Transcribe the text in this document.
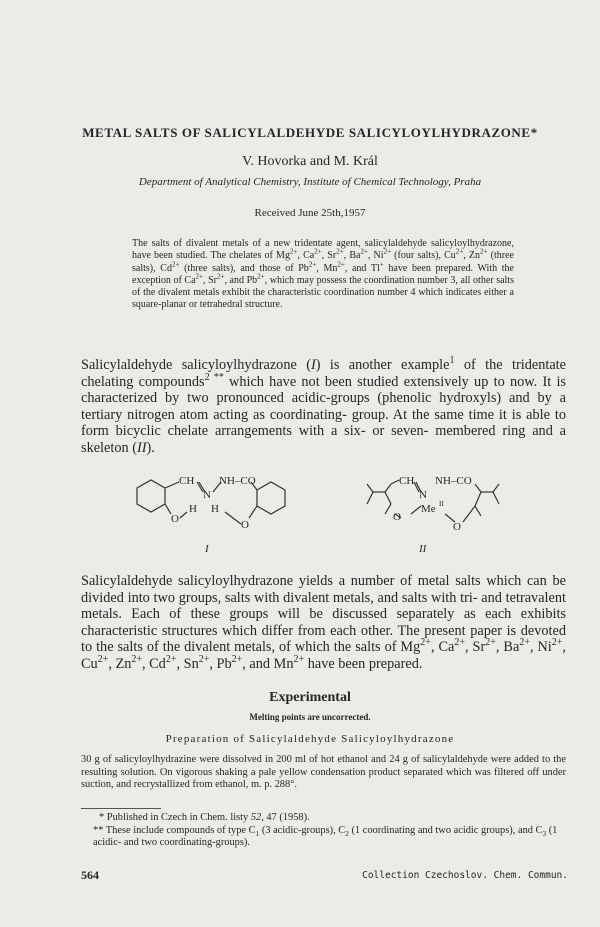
METAL SALTS OF SALICYLALDEHYDE SALICYLOYLHYDRAZONE*
V. Hovorka and M. Král
Department of Analytical Chemistry, Institute of Chemical Technology, Praha
Received June 25th,1957
The salts of divalent metals of a new tridentate agent, salicylaldehyde salicyloylhydrazone, have been studied. The chelates of $Mg^{2+}$, $Ca^{2+}$, $Sr^{2+}$, $Ba^{2+}$, $Ni^{2+}$ (four salts), $Cu^{2+}$, $Zn^{2+}$ (three salts), $Cd^{2+}$ (three salts), and those of $Pb^{2+}$, $Mn^{2+}$, and Tl+ have been prepared. With the exception of $Ca^{2+}$, $Sr^{2+}$, and $Pb^{2+}$, which may possess the coordination number 3, all other salts of the divalent metals exhibit the characteristic coordination number 4 which indicates either a square-planar or tetrahedral structure.
Salicylaldehyde salicyloylhydrazone (I) is another example$^1$ of the tridentate chelating compounds$^{2 **}$ which have not been studied extensively up to now. It is characterized by two pronounced acidic-groups (phenolic hydroxyls) and by a tertiary nitrogen atom acting as coordinating- group. At the same time it is able to form bicyclic chelate arrangements with a six- or seven- membered ring and a skeleton (II).
CH
N
NH–CO
H H
O	O
I
CH
N
NH–CO
Me II
O
O
II
Salicylaldehyde salicyloylhydrazone yields a number of metal salts which can be divided into two groups, salts with divalent metals, and salts with tri- and tetravalent metals. Each of these groups will be discussed separately as each exhibits characteristic structures which differ from each other. The present paper is devoted to the salts of the divalent metals, of which the salts of $Mg^{2+}$, $Ca^{2+}$, $Sr^{2+}$, $Ba^{2+}$, $Ni^{2+}$, $Cu^{2+}$, $Zn^{2+}$, $Cd^{2+}$, $Sn^{2+}$, $Pb^{2+}$, and $Mn^{2+}$ have been prepared.
Experimental
Melting points are uncorrected.
Preparation of Salicylaldehyde Salicyloylhydrazone
30 g of salicyloylhydrazine were dissolved in 200 ml of hot ethanol and 24 g of salicylaldehyde were added to the resulting solution. On vigorous shaking a pale yellow condensation product separated which was filtered off under suction, and recrystallized from ethanol, m. p. 288°.

* Published in Czech in Chem. listy 52, 47 (1958).

** These include compounds of type $C_1$ (3 acidic-groups), $C_2$ (1 coordinating and two acidic groups), and $C_3$ (1 acidic- and two coordinating-groups).

564	Collection Czechoslov. Chem. Commun.
